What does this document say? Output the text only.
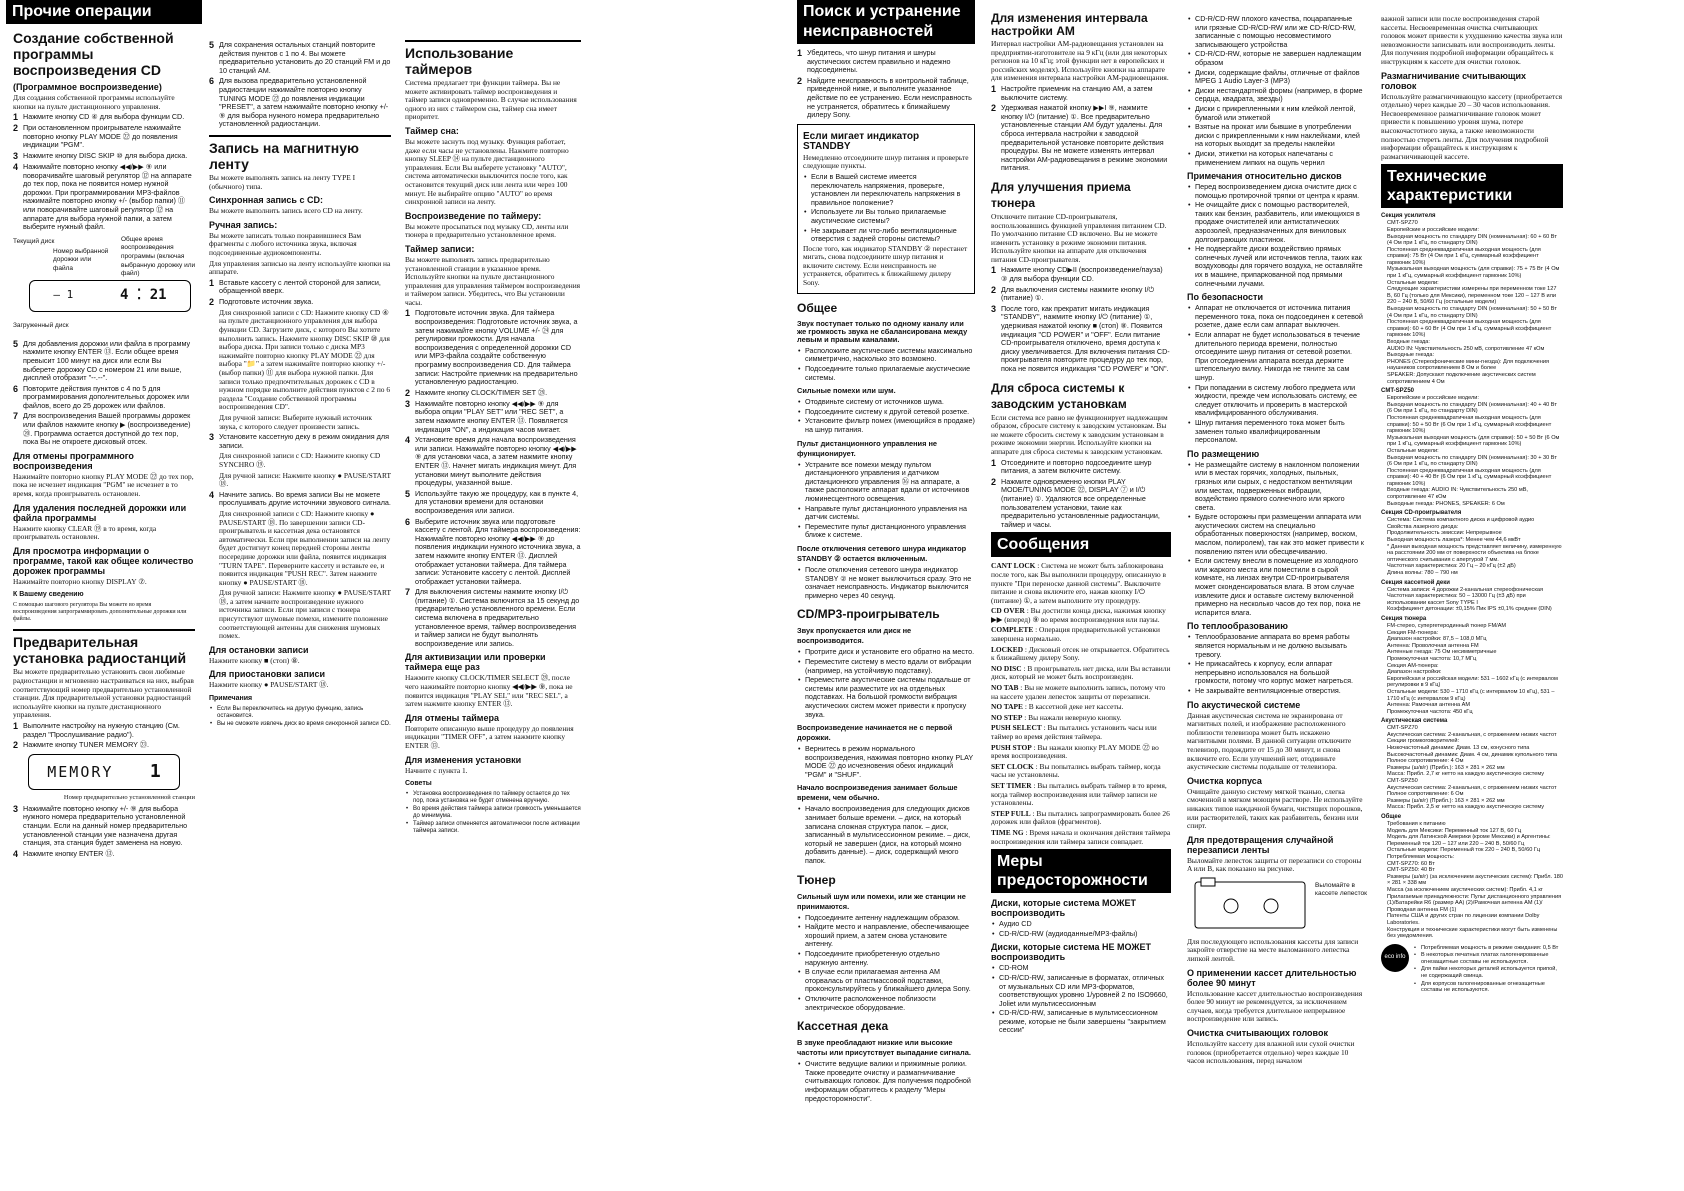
Прочие операции
Создание собственной программы воспроизведения CD
(Программное воспроизведение)
Для создания собственной программы используйте кнопки на пульте дистанционного управления.
1 Нажмите кнопку CD ④ для выбора функции CD.
2 При остановленном проигрывателе нажимайте повторно кнопку PLAY MODE ㉒ до появления индикации "PGM".
3 Нажмите кнопку DISC SKIP ⑩ для выбора диска.
4 Нажимайте повторно кнопку ◀◀/▶▶ ⑨ или поворачивайте шаговый регулятор ⑫ на аппарате до тех пор, пока не появится номер нужной дорожки. При программировании MP3-файлов нажимайте повторно кнопку +/- (выбор папки) ⑪ или поворачивайте шаговый регулятор ⑫ на аппарате для выбора нужной папки, а затем выберите нужный файл.
Текущий диск
Номер выбранной дорожки или файла
Общее время воспроизведения программы (включая выбранную дорожку или файл)
— 1	4 ⁚ 21
Загруженный диск
5 Для добавления дорожки или файла в программу нажмите кнопку ENTER ⑬. Если общее время превысит 100 минут на диск или если Вы выберете дорожку CD с номером 21 или выше, дисплей отобразит "--.--".
6 Повторите действия пунктов с 4 по 5 для программирования дополнительных дорожек или файлов, всего до 25 дорожек или файлов.
7 Для воспроизведения Вашей программы дорожек или файлов нажмите кнопку ▶ (воспроизведение) ⑳. Программа остается доступной до тех пор, пока Вы не откроете дисковый отсек.
Для отмены программного воспроизведения
Нажимайте повторно кнопку PLAY MODE ㉒ до тех пор, пока не исчезнет индикация "PGM" не исчезнет в то время, когда проигрыватель остановлен.
Для удаления последней дорожки или файла программы
Нажмите кнопку CLEAR ⑲ в то время, когда проигрыватель остановлен.
Для просмотра информации о программе, такой как общее количество дорожек программы
Нажимайте повторно кнопку DISPLAY ⑦.
К Вашему сведению
С помощью шагового регулятора Вы можете во время воспроизведения запрограммировать дополнительные дорожки или файлы.
Предварительная установка радиостанций
Вы можете предварительно установить свои любимые радиостанции и мгновенно настраиваться на них, выбрав соответствующий номер предварительно установленной станции. Для предварительной установки радиостанций используйте кнопки на пульте дистанционного управления.
1 Выполните настройку на нужную станцию (См. раздел "Прослушивание радио").
2 Нажмите кнопку TUNER MEMORY ㉓.
MEMORY 1
Номер предварительно установленной станции
3 Нажимайте повторно кнопку +/- ⑨ для выбора нужного номера предварительно установленной станции. Если на данный номер предварительно установленной станции уже назначена другая станция, эта станция будет заменена на новую.
4 Нажмите кнопку ENTER ⑬.
5 Для сохранения остальных станций повторите действия пунктов с 1 по 4. Вы можете предварительно установить до 20 станций FM и до 10 станций AM.
6 Для вызова предварительно установленной радиостанции нажимайте повторно кнопку TUNING MODE ㉒ до появления индикации "PRESET", а затем нажимайте повторно кнопку +/- ⑨ для выбора нужного номера предварительно установленной радиостанции.
Запись на магнитную ленту
Вы можете выполнять запись на ленту TYPE I (обычного) типа.
Синхронная запись с CD:
Вы можете выполнить запись всего CD на ленту.
Ручная запись:
Вы можете записать только понравившиеся Вам фрагменты с любого источника звука, включая подсоединенные аудиокомпоненты.
Для управления записью на ленту используйте кнопки на аппарате.
1 Вставьте кассету с лентой стороной для записи, обращенной вверх.
2 Подготовьте источник звука.
Для синхронной записи с CD: Нажмите кнопку CD ④ на пульте дистанционного управления для выбора функции CD. Загрузите диск, с которого Вы хотите выполнить запись. Нажмите кнопку DISC SKIP ⑩ для выбора диска. При записи только с диска MP3 нажимайте повторно кнопку PLAY MODE ㉒ для выбора "📁" а затем нажимайте повторно кнопку +/- (выбор папки) ⑪ для выбора нужной папки. Для записи только предпочтительных дорожек с CD в нужном порядке выполните действия пунктов с 2 по 6 раздела "Создание собственной программы воспроизведения CD".
Для ручной записи: Выберите нужный источник звука, с которого следует произвести запись.
3 Установите кассетную деку в режим ожидания для записи.
Для синхронной записи с CD: Нажмите кнопку CD SYNCHRO ⑲.
Для ручной записи: Нажмите кнопку ● PAUSE/START ⑱.
4 Начните запись. Во время записи Вы не можете прослушивать другие источники звукового сигнала.
Для синхронной записи с CD: Нажмите кнопку ● PAUSE/START ⑱. По завершении записи CD-проигрыватель и кассетная дека остановятся автоматически. Если при выполнении записи на ленту будет достигнут конец передней стороны ленты посередине дорожки или файла, появится индикация "TURN TAPE". Переверните кассету и вставьте ее, и появится индикация "PUSH REC". Затем нажмите кнопку ● PAUSE/START ⑱.
Для ручной записи: Нажмите кнопку ● PAUSE/START ⑱, а затем начните воспроизведение нужного источника записи. Если при записи с тюнера присутствуют шумовые помехи, измените положение соответствующей антенны для снижения шумовых помех.
Для остановки записи
Нажмите кнопку ■ (стоп) ⑧.
Для приостановки записи
Нажмите кнопку ● PAUSE/START ⑱.
Примечания
• Если Вы переключитесь на другую функцию, запись остановится.
• Вы не сможете извлечь диск во время синхронной записи CD.
Использование таймеров
Система предлагает три функции таймера. Вы не можете активировать таймер воспроизведения и таймер записи одновременно. В случае использования одного из них с таймером сна, таймер сна имеет приоритет.
Таймер сна:
Вы можете заснуть под музыку. Функция работает, даже если часы не установлены. Нажмите повторно кнопку SLEEP ⑭ на пульте дистанционного управления. Если Вы выберете установку "AUTO", система автоматически выключится после того, как остановится текущий диск или лента или через 100 минут. Не выбирайте опцию "AUTO" во время синхронной записи на ленту.
Воспроизведение по таймеру:
Вы можете просыпаться под музыку CD, ленты или тюнера в предварительно установленное время.
Таймер записи:
Вы можете выполнять запись предварительно установленной станции в указанное время. Используйте кнопки на пульте дистанционного управления для управления таймером воспроизведения и таймером записи. Убедитесь, что Вы установили часы.
1 Подготовьте источник звука. Для таймера воспроизведения: Подготовьте источник звука, а затем нажимайте кнопку VOLUME +/- ㉔ для регулировки громкости. Для начала воспроизведения с определенной дорожки CD или MP3-файла создайте собственную программу воспроизведения CD. Для таймера записи: Настройте приемник на предварительно установленную радиостанцию.
2 Нажмите кнопку CLOCK/TIMER SET ㉘.
3 Нажимайте повторно кнопку ◀◀/▶▶ ⑨ для выбора опции "PLAY SET" или "REC SET", а затем нажмите кнопку ENTER ⑬. Появляется индикация "ON", а индикация часов мигает.
4 Установите время для начала воспроизведения или записи. Нажимайте повторно кнопку ◀◀/▶▶ ⑨ для установки часа, а затем нажмите кнопку ENTER ⑬. Начнет мигать индикация минут. Для установки минут выполните действия процедуры, указанной выше.
5 Используйте такую же процедуру, как в пункте 4, для установки времени для остановки воспроизведения или записи.
6 Выберите источник звука или подготовьте кассету с лентой. Для таймера воспроизведения: Нажимайте повторно кнопку ◀◀/▶▶ ⑨ до появления индикации нужного источника звука, а затем нажмите кнопку ENTER ⑬. Дисплей отображает установки таймера. Для таймера записи: Установите кассету с лентой. Дисплей отображает установки таймера.
7 Для выключения системы нажмите кнопку I/⏻ (питание) ①. Система включится за 15 секунд до предварительно установленного времени. Если система включена в предварительно установленное время, таймер воспроизведения и таймер записи не будут выполнять воспроизведение или запись.
Для активизации или проверки таймера еще раз
Нажмите кнопку CLOCK/TIMER SELECT ㉘, после чего нажимайте повторно кнопку ◀◀/▶▶ ⑨, пока не появится индикация "PLAY SEL" или "REC SEL", а затем нажмите кнопку ENTER ⑬.
Для отмены таймера
Повторите описанную выше процедуру до появления индикации "TIMER OFF", а затем нажмите кнопку ENTER ⑬.
Для изменения установки
Начните с пункта 1.
Советы
• Установка воспроизведения по таймеру остается до тех пор, пока установка не будет отменена вручную.
• Во время действия таймера записи громкость уменьшается до минимума.
• Таймер записи отменяется автоматически после активации таймера записи.
Поиск и устранение неисправностей
1 Убедитесь, что шнур питания и шнуры акустических систем правильно и надежно подсоединены.
2 Найдите неисправность в контрольной таблице, приведенной ниже, и выполните указанное действие по ее устранению. Если неисправность не устраняется, обратитесь к ближайшему дилеру Sony.
Если мигает индикатор STANDBY
Немедленно отсоедините шнур питания и проверьте следующие пункты.
• Если в Вашей системе имеется переключатель напряжения, проверьте, установлен ли переключатель напряжения в правильное положение?
• Используете ли Вы только прилагаемые акустические системы?
• Не закрывает ли что-либо вентиляционные отверстия с задней стороны системы?
После того, как индикатор STANDBY ② перестанет мигать, снова подсоедините шнур питания и включите систему. Если неисправность не устраняется, обратитесь к ближайшему дилеру Sony.
Общее
Звук поступает только по одному каналу или же громкость звука не сбалансирована между левым и правым каналами.
• Расположите акустические системы максимально симметрично, насколько это возможно.
• Подсоедините только прилагаемые акустические системы.
Сильные помехи или шум.
• Отодвиньте систему от источников шума.
• Подсоедините систему к другой сетевой розетке.
• Установите фильтр помех (имеющийся в продаже) на шнур питания.
Пульт дистанционного управления не функционирует.
• Устраните все помехи между пультом дистанционного управления и датчиком дистанционного управления ㊱ на аппарате, а также расположите аппарат вдали от источников люминесцентного освещения.
• Направьте пульт дистанционного управления на датчик системы.
• Переместите пульт дистанционного управления ближе к системе.
После отключения сетевого шнура индикатор STANDBY ② остается включенным.
• После отключения сетевого шнура индикатор STANDBY ② не может выключиться сразу. Это не означает неисправность. Индикатор выключится примерно через 40 секунд.
CD/MP3-проигрыватель
Звук пропускается или диск не воспроизводится.
• Протрите диск и установите его обратно на место.
• Переместите систему в место вдали от вибрации (например, на устойчивую подставку).
• Переместите акустические системы подальше от системы или разместите их на отдельных подставках. На большой громкости вибрация акустических систем может привести к пропуску звука.
Воспроизведение начинается не с первой дорожки.
• Вернитесь в режим нормального воспроизведения, нажимая повторно кнопку PLAY MODE ㉒ до исчезновения обеих индикаций "PGM" и "SHUF".
Начало воспроизведения занимает больше времени, чем обычно.
• Начало воспроизведения для следующих дисков занимает больше времени. – диск, на который записана сложная структура папок. – диск, записанный в мультисессионном режиме. – диск, который не завершен (диск, на который можно добавить данные). – диск, содержащий много папок.
Тюнер
Сильный шум или помехи, или же станции не принимаются.
• Подсоедините антенну надлежащим образом.
• Найдите место и направление, обеспечивающее хороший прием, а затем снова установите антенну.
• Подсоедините приобретенную отдельно наружную антенну.
• В случае если прилагаемая антенна AM оторвалась от пластмассовой подставки, проконсультируйтесь у ближайшего дилера Sony.
• Отключите расположенное поблизости электрическое оборудование.
Кассетная дека
В звуке преобладают низкие или высокие частоты или присутствует выпадание сигнала.
• Очистите ведущие валики и прижимные ролики. Также проведите очистку и размагничивание считывающих головок. Для получения подробной информации обратитесь к разделу "Меры предосторожности".
Для изменения интервала настройки AM
Интервал настройки AM-радиовещания установлен на предприятии-изготовителе на 9 кГц (или для некоторых регионов на 10 кГц; этой функции нет в европейских и российских моделях). Используйте кнопки на аппарате для изменения интервала настройки AM-радиовещания.
1 Настройте приемник на станцию AM, а затем выключите систему.
2 Удерживая нажатой кнопку ▶▶I ⑨, нажмите кнопку I/⏻ (питание) ①. Все предварительно установленные станции AM будут удалены. Для сброса интервала настройки к заводской предварительной установке повторите действия процедуры. Вы не можете изменять интервал настройки AM-радиовещания в режиме экономии питания.
Для улучшения приема тюнера
Отключите питание CD-проигрывателя, воспользовавшись функцией управления питанием CD. По умолчанию питание CD включено. Вы не можете изменить установку в режиме экономии питания. Используйте кнопки на аппарате для отключения питания CD-проигрывателя.
1 Нажмите кнопку CD▶II (воспроизведение/пауза) ③ для выбора функции CD.
2 Для выключения системы нажмите кнопку I/⏻ (питание) ①.
3 После того, как прекратит мигать индикация "STANDBY", нажмите кнопку I/⏻ (питание) ①, удерживая нажатой кнопку ■ (стоп) ⑧. Появится индикация "CD POWER" и "OFF". Если питание CD-проигрывателя отключено, время доступа к диску увеличивается. Для включения питания CD-проигрывателя повторите процедуру до тех пор, пока не появится индикация "CD POWER" и "ON".
Для сброса системы к заводским установкам
Если система все равно не функционирует надлежащим образом, сбросьте систему к заводским установкам. Вы не можете сбросить систему к заводским установкам в режиме экономии энергии. Используйте кнопки на аппарате для сброса системы к заводским установкам.
1 Отсоедините и повторно подсоедините шнур питания, а затем включите систему.
2 Нажмите одновременно кнопки PLAY MODE/TUNING MODE ㉒, DISPLAY ⑦ и I/⏻ (питание) ①. Удаляются все определенные пользователем установки, такие как предварительно установленные радиостанции, таймер и часы.
Сообщения
CANT LOCK : Система не может быть заблокирована после того, как Вы выполнили процедуру, описанную в пункте "При переноске данной системы". Выключите питание и снова включите его, нажав кнопку I/⏻ (питание) ①, а затем выполните эту процедуру.
CD OVER : Вы достигли конца диска, нажимая кнопку ▶▶ (вперед) ⑨ во время воспроизведения или паузы.
COMPLETE : Операция предварительной установки завершена нормально.
LOCKED : Дисковый отсек не открывается. Обратитесь к ближайшему дилеру Sony.
NO DISC : В проигрыватель нет диска, или Вы вставили диск, который не может быть воспроизведен.
NO TAB : Вы не можете выполнить запись, потому что на кассете удален лепесток защиты от перезаписи.
NO TAPE : В кассетной деке нет кассеты.
NO STEP : Вы нажали неверную кнопку.
PUSH SELECT : Вы пытались установить часы или таймер во время действия таймера.
PUSH STOP : Вы нажали кнопку PLAY MODE ㉒ во время воспроизведения.
SET CLOCK : Вы попытались выбрать таймер, когда часы не установлены.
SET TIMER : Вы пытались выбрать таймер в то время, когда таймер воспроизведения или таймер записи не установлены.
STEP FULL : Вы пытались запрограммировать более 26 дорожек или файлов (фрагментов).
TIME NG : Время начала и окончания действия таймера воспроизведения или таймера записи совпадает.
Меры предосторожности
Диски, которые система МОЖЕТ воспроизводить
• Аудио CD
• CD-R/CD-RW (аудиоданные/MP3-файлы)
Диски, которые система НЕ МОЖЕТ воспроизводить
• CD-ROM
• CD-R/CD-RW, записанные в форматах, отличных от музыкальных CD или MP3-форматов, соответствующих уровню 1/уровней 2 по ISO9660, Joliet или мультисессионным
• CD-R/CD-RW, записанные в мультисессионном режиме, которые не были завершены "закрытием сессии"
• CD-R/CD-RW плохого качества, поцарапанные или грязные CD-R/CD-RW или же CD-R/CD-RW, записанные с помощью несовместимого записывающего устройства
• CD-R/CD-RW, которые не завершен надлежащим образом
• Диски, содержащие файлы, отличные от файлов MPEG 1 Audio Layer-3 (MP3)
• Диски нестандартной формы (например, в форме сердца, квадрата, звезды)
• Диски с прикрепленными к ним клейкой лентой, бумагой или этикеткой
• Взятые на прокат или бывшие в употреблении диски с прикрепленными к ним наклейками, клей на которых выходит за пределы наклейки
• Диски, этикетки на которых напечатаны с применением липких на ощупь чернил
Примечания относительно дисков
• Перед воспроизведением диска очистите диск с помощью протирочной тряпки от центра к краям.
• Не очищайте диск с помощью растворителей, таких как бензин, разбавитель, или имеющихся в продаже очистителей или антистатических аэрозолей, предназначенных для виниловых долгоиграющих пластинок.
• Не подвергайте диски воздействию прямых солнечных лучей или источников тепла, таких как воздуховоды для горячего воздуха, не оставляйте их в машине, припаркованной под прямыми солнечными лучами.
По безопасности
• Аппарат не отключается от источника питания переменного тока, пока он подсоединен к сетевой розетке, даже если сам аппарат выключен.
• Если аппарат не будет использоваться в течение длительного периода времени, полностью отсоедините шнур питания от сетевой розетки. При отсоединении аппарата всегда держите штепсельную вилку. Никогда не тяните за сам шнур.
• При попадании в систему любого предмета или жидкости, прежде чем использовать систему, ее следует отключить и проверить в мастерской квалифицированного обслуживания.
• Шнур питания переменного тока может быть заменен только квалифицированным персоналом.
По размещению
• Не размещайте систему в наклонном положении или в местах горячих, холодных, пыльных, грязных или сырых, с недостатком вентиляции или местах, подверженных вибрации, воздействию прямого солнечного или яркого света.
• Будьте осторожны при размещении аппарата или акустических систем на специально обработанных поверхностях (например, воском, маслом, полиролем), так как это может привести к появлению пятен или обесцвечиванию.
• Если систему внесли в помещение из холодного или жаркого места или поместили в сырой комнате, на линзах внутри CD-проигрывателя может сконденсироваться влага. В этом случае извлеките диск и оставьте систему включенной примерно на несколько часов до тех пор, пока не испарится влага.
По теплообразованию
• Теплообразование аппарата во время работы является нормальным и не должно вызывать тревогу.
• Не прикасайтесь к корпусу, если аппарат непрерывно использовался на большой громкости, потому что корпус может нагреться.
• Не закрывайте вентиляционные отверстия.
По акустической системе
Данная акустическая система не экранирована от магнитных полей, и изображение расположенного поблизости телевизора может быть искажено магнитными полями. В данной ситуации отключите телевизор, подождите от 15 до 30 минут, и снова включите его. Если улучшений нет, отодвиньте акустические системы подальше от телевизора.
Очистка корпуса
Очищайте данную систему мягкой тканью, слегка смоченной в мягком моющем растворе. Не используйте никаких типов наждачной бумаги, чистящих порошков, или растворителей, таких как разбавитель, бензин или спирт.
Для предотвращения случайной перезаписи ленты
Выломайте лепесток защиты от перезаписи со стороны A или B, как показано на рисунке.
Выломайте в кассете лепесток
Для последующего использования кассеты для записи закройте отверстие на месте выломанного лепестка липкой лентой.
О применении кассет длительностью более 90 минут
Использование кассет длительностью воспроизведения более 90 минут не рекомендуется, за исключением случаев, когда требуется длительное непрерывное воспроизведение или запись.
Очистка считывающих головок
Используйте кассету для влажной или сухой очистки головок (приобретается отдельно) через каждые 10 часов использования, перед началом
важной записи или после воспроизведения старой кассеты. Несвоевременная очистка считывающих головок может привести к ухудшению качества звука или невозможности записывать или воспроизводить ленты. Для получения подробной информации обращайтесь к инструкциям к кассете для очистки головок.
Размагничивание считывающих головок
Используйте размагничивающую кассету (приобретается отдельно) через каждые 20 – 30 часов использования. Несвоевременное размагничивание головок может привести к повышению уровня шума, потере высокочастотного звука, а также невозможности полностью стереть ленты. Для получения подробной информации обращайтесь к инструкциям к размагничивающей кассете.
Технические характеристики
Секция усилителя
CMT-SPZ70
Европейские и российские модели:
Выходная мощность по стандарту DIN (номинальная): 60 + 60 Вт (4 Ом при 1 кГц, по стандарту DIN)
Постоянная среднеквадратичная выходная мощность (для справки): 75 Вт (4 Ом при 1 кГц, суммарный коэффициент гармоник 10%)
Музыкальная выходная мощность (для справки): 75 + 75 Вт (4 Ом при 1 кГц, суммарный коэффициент гармоник 10%)
Остальные модели:
Следующие характеристики измерены при переменном токе 127 В, 60 Гц (только для Мексики), переменном токе 120 – 127 В или 220 – 240 В, 50/60 Гц (остальные модели)
Выходная мощность по стандарту DIN (номинальная): 50 + 50 Вт (4 Ом при 1 кГц, по стандарту DIN)
Постоянная среднеквадратичная выходная мощность (для справки): 60 + 60 Вт (4 Ом при 1 кГц, суммарный коэффициент гармоник 10%)
Входные гнезда:
AUDIO IN: Чувствительность 250 мВ, сопротивление 47 кОм
Выходные гнезда:
PHONES (Стереофонические мини-гнезда): Для подключения наушников сопротивлением 8 Ом и более
SPEAKER: Допускают подключение акустических систем сопротивлением 4 Ом
CMT-SPZ50
Европейские и российские модели:
Выходная мощность по стандарту DIN (номинальная): 40 + 40 Вт (6 Ом при 1 кГц, по стандарту DIN)
Постоянная среднеквадратичная выходная мощность (для справки): 50 + 50 Вт (6 Ом при 1 кГц, суммарный коэффициент гармоник 10%)
Музыкальная выходная мощность (для справки): 50 + 50 Вт (6 Ом при 1 кГц, суммарный коэффициент гармоник 10%)
Остальные модели:
Выходная мощность по стандарту DIN (номинальная): 30 + 30 Вт (6 Ом при 1 кГц, по стандарту DIN)
Постоянная среднеквадратичная выходная мощность (для справки): 40 + 40 Вт (6 Ом при 1 кГц, суммарный коэффициент гармоник 10%)
Входные гнезда: AUDIO IN: Чувствительность 250 мВ, сопротивление 47 кОм
Выходные гнезда: PHONES, SPEAKER: 6 Ом
Секция CD-проигрывателя
Система: Система компактного диска и цифровой аудио
Свойства лазерного диода:
Продолжительность эмиссии: Непрерывное
Выходная мощность лазера*: Менее чем 44,6 мкВт
* Данная выходная мощность представляет величину, измеренную на расстоянии 200 мм от поверхности объектива на блоке оптического считывания с апертурой 7 мм.
Частотная характеристика: 20 Гц – 20 кГц (±2 дБ)
Длина волны: 780 – 790 нм
Секция кассетной деки
Система записи: 4 дорожки 2-канальная стереофоническая
Частотная характеристика: 50 – 13000 Гц (±3 дБ) при использовании кассет Sony TYPE I
Коэффициент детонации: ±0,15% Пик IPS ±0,1% среднее (DIN)
Секция тюнера
FM-стерео, супергетеродинный тюнер FM/AM
Секция FM-тюнера:
Диапазон настройки: 87,5 – 108,0 МГц
Антенна: Проволочная антенна FM
Антенные гнезда: 75 Ом несимметричные
Промежуточная частота: 10,7 МГц
Секция AM-тюнера:
Диапазон настройки:
Европейская и российская модели: 531 – 1602 кГц (с интервалом регулировки в 9 кГц)
Остальные модели: 530 – 1710 кГц (с интервалом 10 кГц), 531 – 1710 кГц (с интервалом 9 кГц)
Антенна: Рамочная антенна AM
Промежуточная частота: 450 кГц
Акустическая система
CMT-SPZ70
Акустическая система: 2-канальная, с отражением низких частот
Секции громкоговорителей:
Низкочастотный динамик: Диам. 13 см, конусного типа
Высокочастотный динамик: Диам. 4 см, динамик купольного типа
Полное сопротивление: 4 Ом
Размеры (ш/в/г) (Прибл.): 163 × 281 × 262 мм
Масса: Прибл. 2,7 кг нетто на каждую акустическую систему
CMT-SPZ50
Акустическая система: 2-канальная, с отражением низких частот
Полное сопротивление: 6 Ом
Размеры (ш/в/г) (Прибл.): 163 × 281 × 262 мм
Масса: Прибл. 2,5 кг нетто на каждую акустическую систему
Общее
Требования к питанию
Модель для Мексики: Переменный ток 127 В, 60 Гц
Модель для Латинской Америки (кроме Мексики) и Аргентины: Переменный ток 120 – 127 или 220 – 240 В, 50/60 Гц
Остальные модели: Переменный ток 220 – 240 В, 50/60 Гц
Потребляемая мощность:
CMT-SPZ70: 60 Вт
CMT-SPZ50: 40 Вт
Размеры (ш/в/г) (за исключением акустических систем): Прибл. 180 × 281 × 338 мм
Масса (за исключением акустических систем): Прибл. 4,1 кг
Прилагаемые принадлежности: Пульт дистанционного управления (1)/Батарейки R6 (размер AA) (2)/Рамочная антенна AM (1)/Проводная антенна FM (1)
Патенты США и других стран по лицензии компании Dolby Laboratories.
Конструкция и технические характеристики могут быть изменены без уведомления.
eco info
• Потребляемая мощность в режиме ожидания: 0,5 Вт
• В некоторых печатных платах галогенированные огнезащитные составы не используются.
• Для пайки некоторых деталей используется припой, не содержащий свинца.
• Для корпусов галогенированные огнезащитные составы не используются.
